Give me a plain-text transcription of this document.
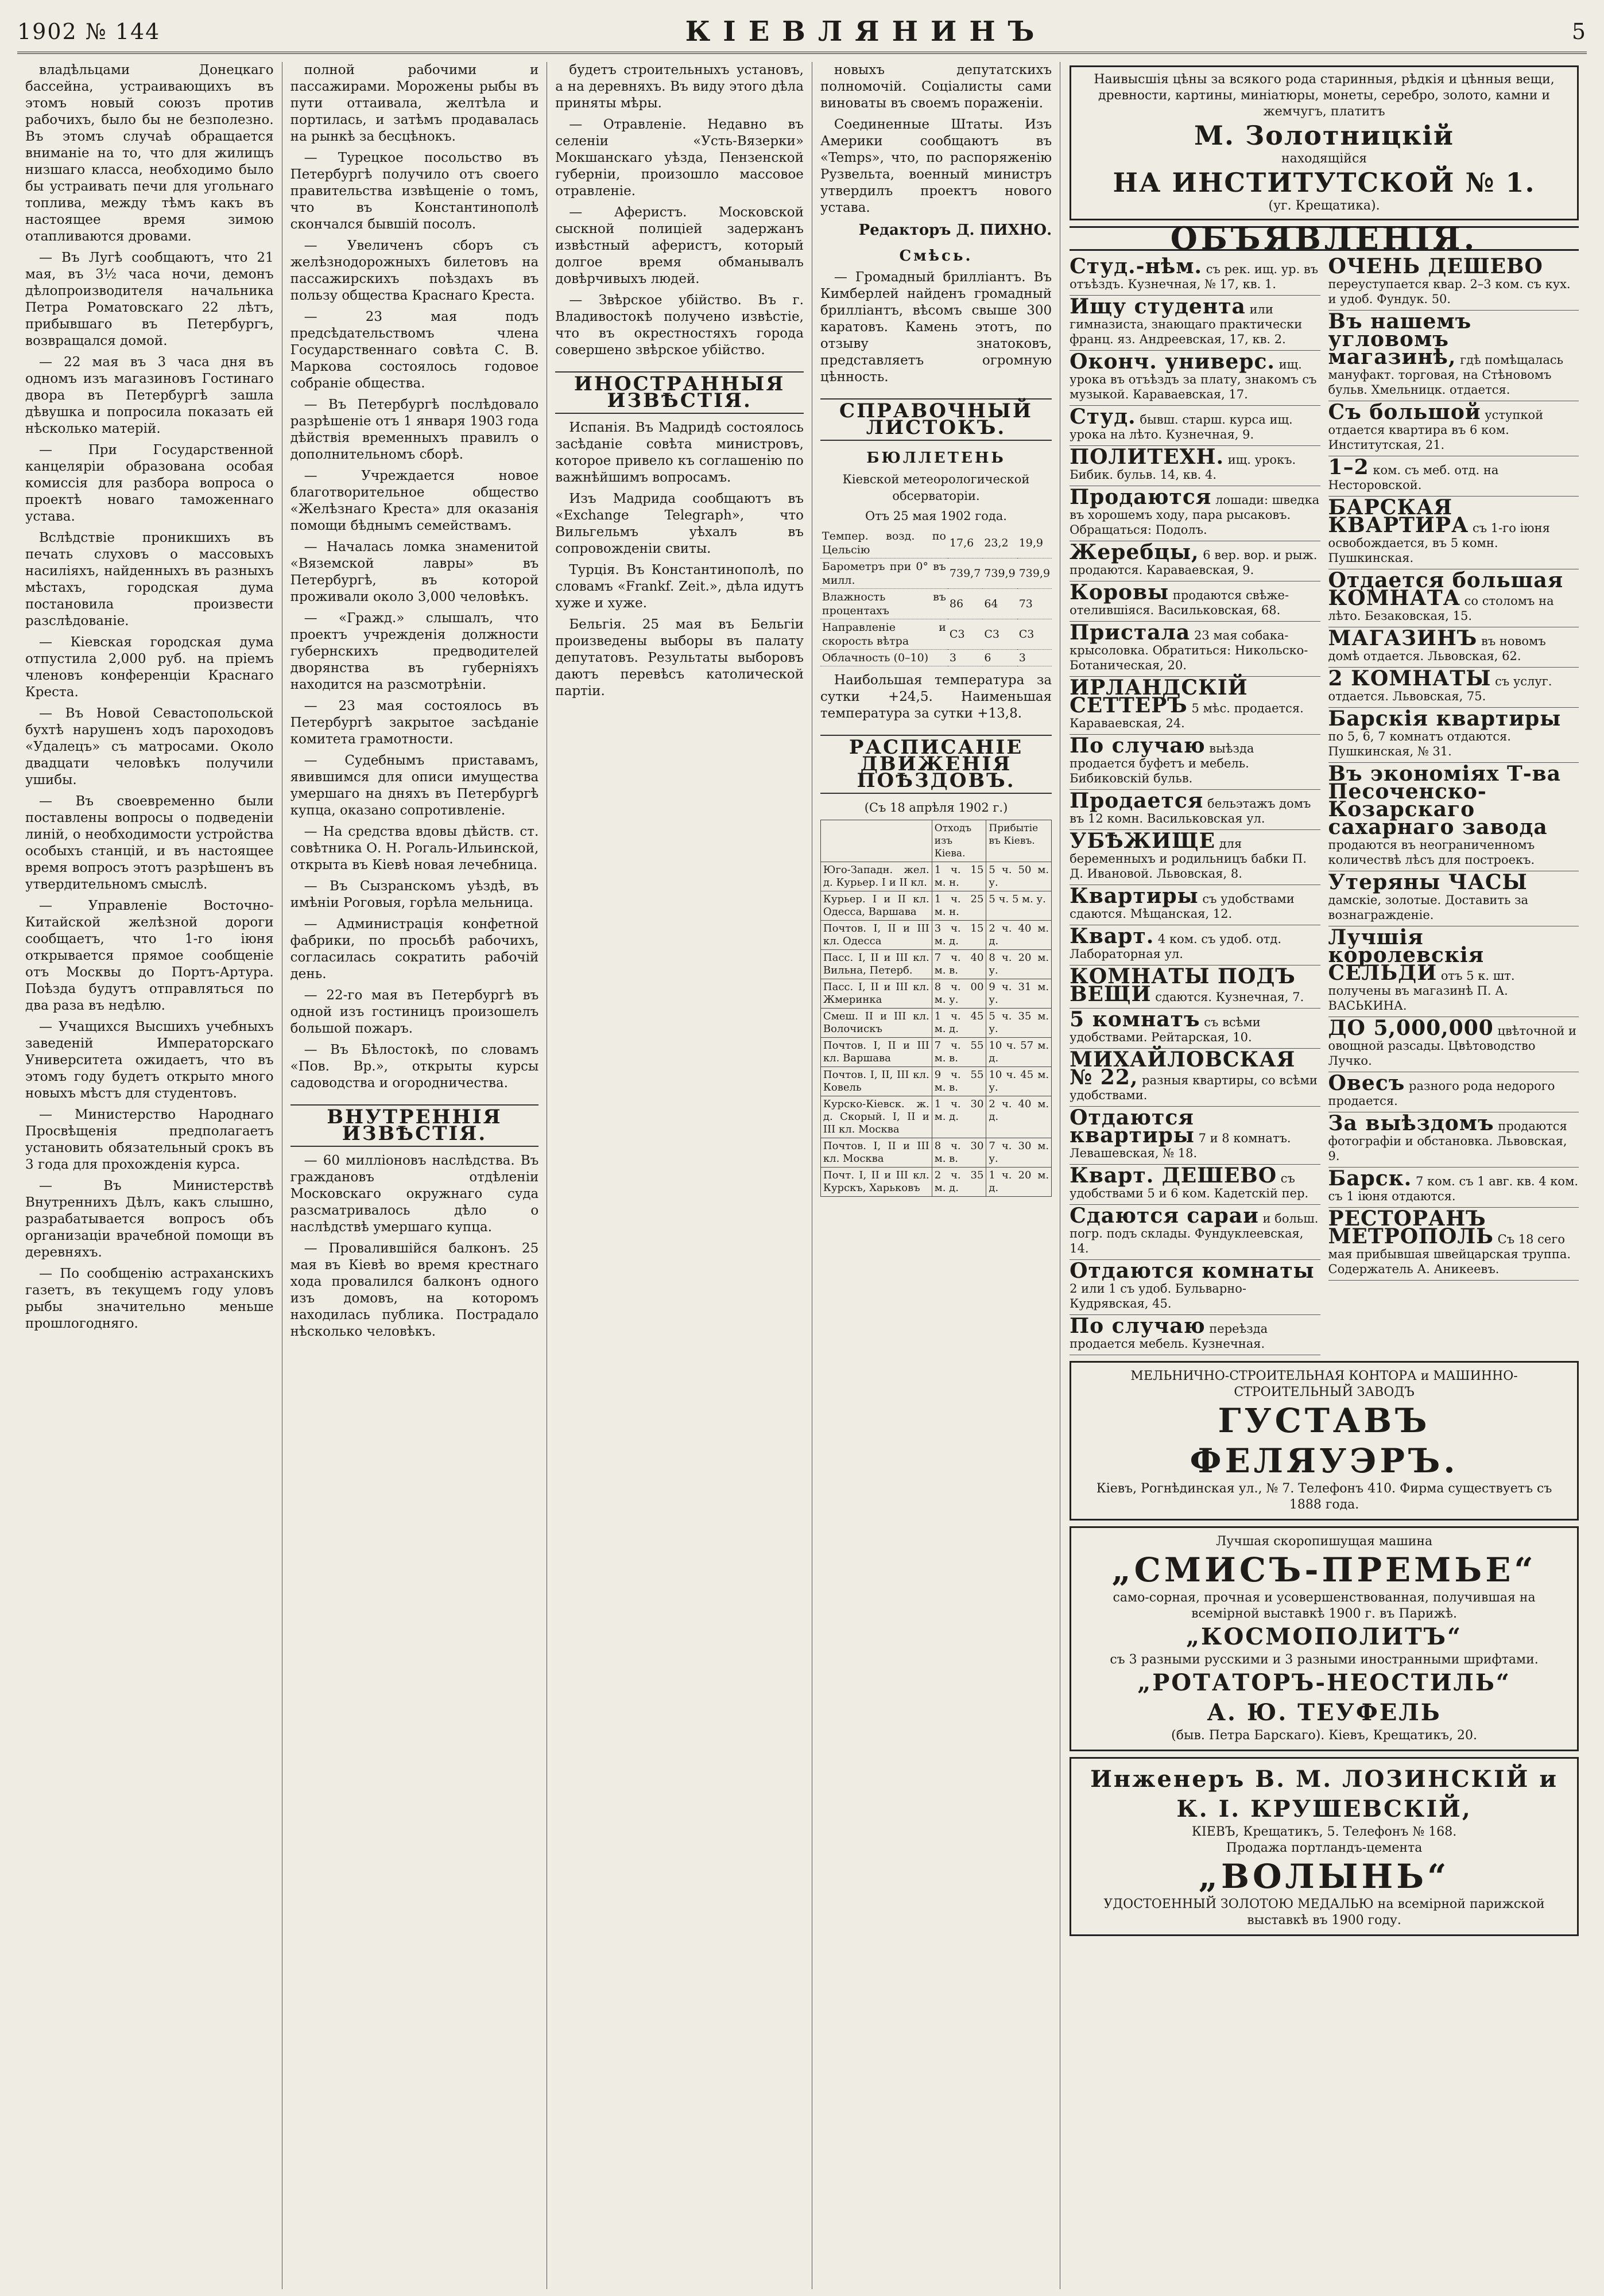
1902 № 144	КІЕВЛЯНИНЪ	5

владѣльцами Донецкаго бассейна, устраивающихъ въ этомъ новый союзъ против рабочихъ, было бы не безполезно. Въ этомъ случаѣ обращается вниманіе на то, что для жилищъ низшаго класса, необходимо было бы устраивать печи для угольнаго топлива, между тѣмъ какъ въ настоящее время зимою отапливаются дровами.

— Въ Лугѣ сообщаютъ, что 21 мая, въ 3½ часа ночи, демонъ дѣлопроизводителя начальника Петра Роматовскаго 22 лѣтъ, прибывшаго въ Петербургъ, возвращался домой.

— 22 мая въ 3 часа дня въ одномъ изъ магазиновъ Гостинаго двора въ Петербургѣ зашла дѣвушка и попросила показать ей нѣсколько матерій.

— При Государственной канцеляріи образована особая комиссія для разбора вопроса о проектѣ новаго таможеннаго устава.

Вслѣдствіе проникшихъ въ печать слуховъ о массовыхъ насиліяхъ, найденныхъ въ разныхъ мѣстахъ, городская дума постановила произвести разслѣдованіе.

— Кіевская городская дума отпустила 2,000 руб. на пріемъ членовъ конференціи Краснаго Креста.

— Въ Новой Севастопольской бухтѣ нарушенъ ходъ пароходовъ «Удалецъ» съ матросами. Около двадцати человѣкъ получили ушибы.

— Въ своевременно были поставлены вопросы о подведеніи линій, о необходимости устройства особыхъ станцій, и въ настоящее время вопросъ этотъ разрѣшенъ въ утвердительномъ смыслѣ.

— Управленіе Восточно-Китайской желѣзной дороги сообщаетъ, что 1-го іюня открывается прямое сообщеніе отъ Москвы до Портъ-Артура. Поѣзда будутъ отправляться по два раза въ недѣлю.

— Учащихся Высшихъ учебныхъ заведеній Императорскаго Университета ожидаетъ, что въ этомъ году будетъ открыто много новыхъ мѣстъ для студентовъ.

— Министерство Народнаго Просвѣщенія предполагаетъ установить обязательный срокъ въ 3 года для прохожденія курса.

— Въ Министерствѣ Внутреннихъ Дѣлъ, какъ слышно, разрабатывается вопросъ объ организаціи врачебной помощи въ деревняхъ.

— По сообщенію астраханскихъ газетъ, въ текущемъ году уловъ рыбы значительно меньше прошлогодняго.

полной рабочими и пассажирами. Морожены рыбы въ пути оттаивала, желтѣла и портилась, и затѣмъ продавалась на рынкѣ за бесцѣнокъ.

— Турецкое посольство въ Петербургѣ получило отъ своего правительства извѣщеніе о томъ, что въ Константинополѣ скончался бывшій посолъ.

— Увеличенъ сборъ съ желѣзнодорожныхъ билетовъ на пассажирскихъ поѣздахъ въ пользу общества Краснаго Креста.

— 23 мая подъ предсѣдательствомъ члена Государственнаго совѣта С. В. Маркова состоялось годовое собраніе общества.

— Въ Петербургѣ послѣдовало разрѣшеніе отъ 1 января 1903 года дѣйствія временныхъ правилъ о дополнительномъ сборѣ.

— Учреждается новое благотворительное общество «Желѣзнаго Креста» для оказанія помощи бѣднымъ семействамъ.

— Началась ломка знаменитой «Вяземской лавры» въ Петербургѣ, въ которой проживали около 3,000 человѣкъ.

— «Гражд.» слышалъ, что проектъ учрежденія должности губернскихъ предводителей дворянства въ губерніяхъ находится на разсмотрѣніи.

— 23 мая состоялось въ Петербургѣ закрытое засѣданіе комитета грамотности.

— Судебнымъ приставамъ, явившимся для описи имущества умершаго на дняхъ въ Петербургѣ купца, оказано сопротивленіе.

— На средства вдовы дѣйств. ст. совѣтника О. Н. Рогаль-Ильинской, открыта въ Кіевѣ новая лечебница.

— Въ Сызранскомъ уѣздѣ, въ имѣніи Роговыя, горѣла мельница.

— Администрація конфетной фабрики, по просьбѣ рабочихъ, согласилась сократить рабочій день.

— 22-го мая въ Петербургѣ въ одной изъ гостиницъ произошелъ большой пожаръ.

— Въ Бѣлостокѣ, по словамъ «Пов. Вр.», открыты курсы садоводства и огородничества.

ВНУТРЕННІЯ ИЗВѢСТІЯ.

— 60 милліоновъ наслѣдства. Въ граждановъ отдѣленіи Московскаго окружнаго суда разсматривалось дѣло о наслѣдствѣ умершаго купца.

— Провалившійся балконъ. 25 мая въ Кіевѣ во время крестнаго хода провалился балконъ одного изъ домовъ, на которомъ находилась публика. Пострадало нѣсколько человѣкъ.

будетъ строительныхъ установъ, а на деревняхъ. Въ виду этого дѣла приняты мѣры.

— Отравленіе. Недавно въ селеніи «Усть-Вязерки» Мокшанскаго уѣзда, Пензенской губерніи, произошло массовое отравленіе.

— Аферистъ. Московской сыскной полиціей задержанъ извѣстный аферистъ, который долгое время обманывалъ довѣрчивыхъ людей.

— Звѣрское убійство. Въ г. Владивостокѣ получено извѣстіе, что въ окрестностяхъ города совершено звѣрское убійство.

ИНОСТРАННЫЯ ИЗВѢСТІЯ.

Испанія. Въ Мадридѣ состоялось засѣданіе совѣта министровъ, которое привело къ соглашенію по важнѣйшимъ вопросамъ.

Изъ Мадрида сообщаютъ въ «Exchange Telegraph», что Вильгельмъ уѣхалъ въ сопровожденіи свиты.

Турція. Въ Константинополѣ, по словамъ «Frankf. Zeit.», дѣла идутъ хуже и хуже.

Бельгія. 25 мая въ Бельгіи произведены выборы въ палату депутатовъ. Результаты выборовъ даютъ перевѣсъ католической партіи.

новыхъ депутатскихъ полномочій. Соціалисты сами виноваты въ своемъ пораженіи.

Соединенные Штаты. Изъ Америки сообщаютъ въ «Temps», что, по распоряженію Рузвельта, военный министръ утвердилъ проектъ нового устава.

Редакторъ Д. ПИХНО.
Смѣсь.

— Громадный брилліантъ. Въ Кимберлей найденъ громадный брилліантъ, вѣсомъ свыше 300 каратовъ. Камень этотъ, по отзыву знатоковъ, представляетъ огромную цѣнность.

СПРАВОЧНЫЙ ЛИСТОКЪ.
БЮЛЛЕТЕНЬ
Кіевской метеорологической обсерваторіи.
Отъ 25 мая 1902 года.
Темпер. возд. по Цельсію	17,6	23,2	19,9
Барометръ при 0° въ милл.	739,7	739,9	739,9
Влажность въ процентахъ	86	64	73
Направленіе и скорость вѣтра	С3	С3	С3
Облачность (0–10)	3	6	3

Наибольшая температура за сутки +24,5. Наименьшая температура за сутки +13,8.

РАСПИСАНІЕ ДВИЖЕНІЯ ПОѢЗДОВЪ.
(Съ 18 апрѣля 1902 г.)
	Отходъ изъ Кіева.	Прибытіе въ Кіевъ.
Юго-Западн. жел. д. Курьер. I и II кл.	1 ч. 15 м. н.	5 ч. 50 м. у.
Курьер. I и II кл. Одесса, Варшава	1 ч. 25 м. н.	5 ч. 5 м. у.
Почтов. I, II и III кл. Одесса	3 ч. 15 м. д.	2 ч. 40 м. д.
Пасс. I, II и III кл. Вильна, Петерб.	7 ч. 40 м. в.	8 ч. 20 м. у.
Пасс. I, II и III кл. Жмеринка	8 ч. 00 м. у.	9 ч. 31 м. у.
Смеш. II и III кл. Волочискъ	1 ч. 45 м. д.	5 ч. 35 м. у.
Почтов. I, II и III кл. Варшава	7 ч. 55 м. в.	10 ч. 57 м. д.
Почтов. I, II, III кл. Ковель	9 ч. 55 м. в.	10 ч. 45 м. у.
Курско-Кіевск. ж. д. Скорый. I, II и III кл. Москва	1 ч. 30 м. д.	2 ч. 40 м. д.
Почтов. I, II и III кл. Москва	8 ч. 30 м. в.	7 ч. 30 м. у.
Почт. I, II и III кл. Курскъ, Харьковъ	2 ч. 35 м. д.	1 ч. 20 м. д.
Наивысшія цѣны за всякого рода старинныя, рѣдкія и цѣнныя вещи, древности, картины, миніатюры, монеты, серебро, золото, камни и жемчугъ, платитъ
М. Золотницкій
находящійся
НА ИНСТИТУТСКОЙ № 1.
(уг. Крещатика).
ОБЪЯВЛЕНІЯ.
Студ.-нѣм. съ рек. ищ. ур. въ отъѣздъ. Кузнечная, № 17, кв. 1.
Ищу студента или гимназиста, знающаго практически франц. яз. Андреевская, 17, кв. 2.
Оконч. универс. ищ. урока въ отъѣздъ за плату, знакомъ съ музыкой. Караваевская, 17.
Студ. бывш. старш. курса ищ. урока на лѣто. Кузнечная, 9.
ПОЛИТЕХН. ищ. урокъ. Бибик. бульв. 14, кв. 4.
Продаются лошади: шведка въ хорошемъ ходу, пара рысаковъ. Обращаться: Подолъ.
Жеребцы, 6 вер. вор. и рыж. продаются. Караваевская, 9.
Коровы продаются свѣже-отелившіяся. Васильковская, 68.
Пристала 23 мая собака-крысоловка. Обратиться: Никольско-Ботаническая, 20.
ИРЛАНДСКІЙ СЕТТЕРЪ 5 мѣс. продается. Караваевская, 24.
По случаю выѣзда продается буфетъ и мебель. Бибиковскій бульв.
Продается бельэтажъ домъ въ 12 комн. Васильковская ул.
УБѢЖИЩЕ для беременныхъ и родильницъ бабки П. Д. Ивановой. Львовская, 8.
Квартиры съ удобствами сдаются. Мѣщанская, 12.
Кварт. 4 ком. съ удоб. отд. Лабораторная ул.
КОМНАТЫ ПОДЪ ВЕЩИ сдаются. Кузнечная, 7.
5 комнатъ съ всѣми удобствами. Рейтарская, 10.
МИХАЙЛОВСКАЯ № 22, разныя квартиры, со всѣми удобствами.
Отдаются квартиры 7 и 8 комнатъ. Левашевская, № 18.
Кварт. ДЕШЕВО съ удобствами 5 и 6 ком. Кадетскій пер.
Сдаются сараи и больш. погр. подъ склады. Фундуклеевская, 14.
Отдаются комнаты 2 или 1 съ удоб. Бульварно-Кудрявская, 45.
По случаю переѣзда продается мебель. Кузнечная.
ОЧЕНЬ ДЕШЕВО переуступается квар. 2–3 ком. съ кух. и удоб. Фундук. 50.
Въ нашемъ угловомъ магазинѣ, гдѣ помѣщалась мануфакт. торговая, на Стѣновомъ бульв. Хмельницк. отдается.
Съ большой уступкой отдается квартира въ 6 ком. Институтская, 21.
1–2 ком. съ меб. отд. на Несторовской.
БАРСКАЯ КВАРТИРА съ 1-го іюня освобождается, въ 5 комн. Пушкинская.
Отдается большая КОМНАТА со столомъ на лѣто. Безаковская, 15.
МАГАЗИНЪ въ новомъ домѣ отдается. Львовская, 62.
2 КОМНАТЫ съ услуг. отдается. Львовская, 75.
Барскія квартиры по 5, 6, 7 комнатъ отдаются. Пушкинская, № 31.
Въ экономіях Т-ва Песоченско-Козарскаго сахарнаго завода продаются въ неограниченномъ количествѣ лѣсъ для построекъ.
Утеряны ЧАСЫ дамскіе, золотые. Доставить за вознагражденіе.
Лучшія королевскія СЕЛЬДИ отъ 5 к. шт. получены въ магазинѣ П. А. ВАСЬКИНА.
ДО 5,000,000 цвѣточной и овощной разсады. Цвѣтоводство Лучко.
Овесъ разного рода недорого продается.
За выѣздомъ продаются фотографіи и обстановка. Львовская, 9.
Барск. 7 ком. съ 1 авг. кв. 4 ком. съ 1 іюня отдаются.
РЕСТОРАНЪ МЕТРОПОЛЬ Съ 18 сего мая прибывшая швейцарская труппа. Содержатель А. Аникеевъ.
МЕЛЬНИЧНО-СТРОИТЕЛЬНАЯ КОНТОРА и МАШИННО-СТРОИТЕЛЬНЫЙ ЗАВОДЪ
ГУСТАВЪ ФЕЛЯУЭРЪ.
Кіевъ, Рогнѣдинская ул., № 7. Телефонъ 410. Фирма существуетъ съ 1888 года.
Лучшая скоропишущая машина
„СМИСЪ-ПРЕМЬЕ“
само-сорная, прочная и усовершенствованная, получившая на всемірной выставкѣ 1900 г. въ Парижѣ.
„КОСМОПОЛИТЪ“
съ 3 разными русскими и 3 разными иностранными шрифтами.
„РОТАТОРЪ-НЕОСТИЛЬ“
А. Ю. ТЕУФЕЛЬ
(быв. Петра Барскаго). Кіевъ, Крещатикъ, 20.
Инженеръ В. М. ЛОЗИНСКІЙ и К. І. КРУШЕВСКІЙ,
КІЕВЪ, Крещатикъ, 5. Телефонъ № 168.
Продажа портландъ-цемента
„ВОЛЫНЬ“
УДОСТОЕННЫЙ ЗОЛОТОЮ МЕДАЛЬЮ на всемірной парижской выставкѣ въ 1900 году.
